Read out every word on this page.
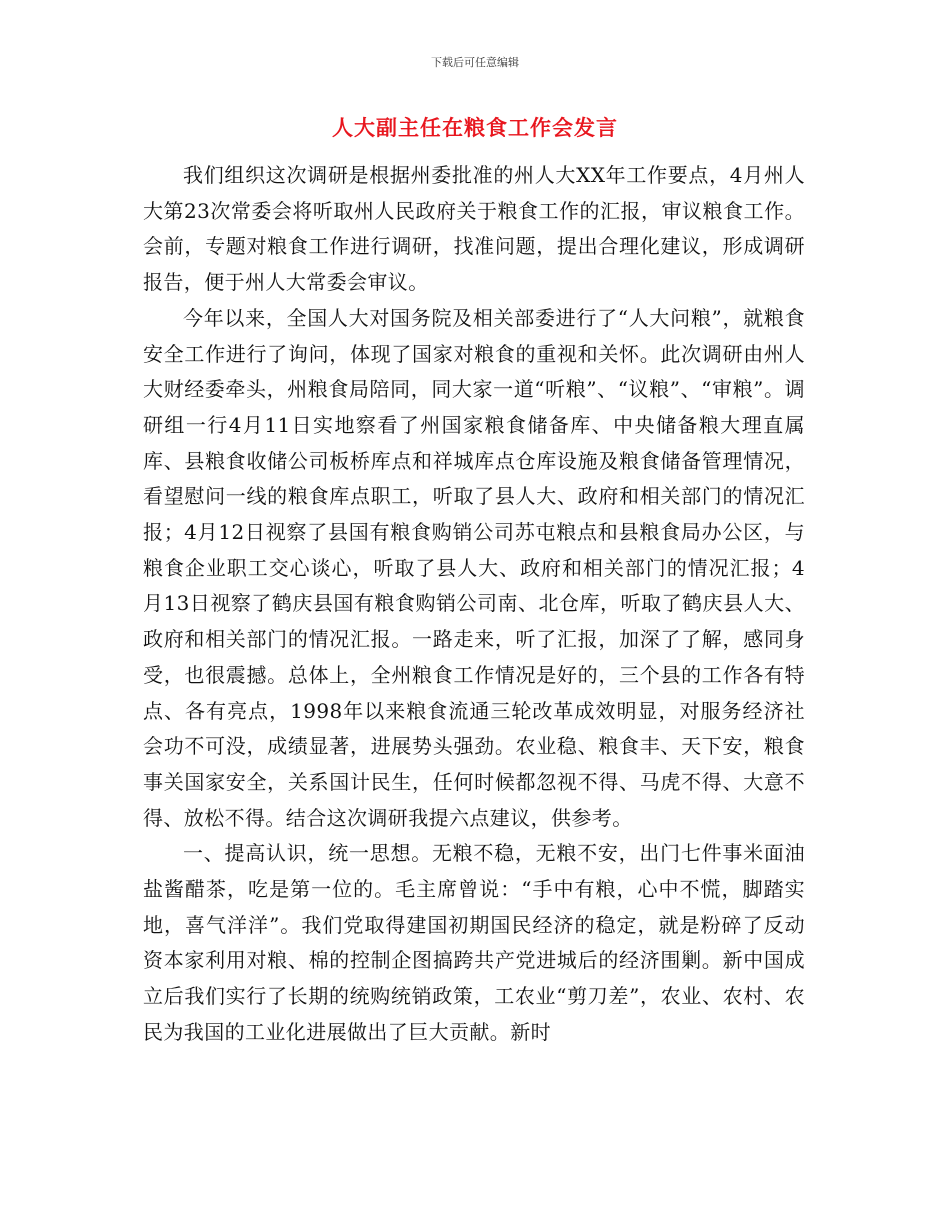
下载后可任意编辑
人大副主任在粮食工作会发言

我们组织这次调研是根据州委批准的州人大XX年工作要点，4月州人大第23次常委会将听取州人民政府关于粮食工作的汇报，审议粮食工作。会前，专题对粮食工作进行调研，找准问题，提出合理化建议，形成调研报告，便于州人大常委会审议。

今年以来，全国人大对国务院及相关部委进行了“人大问粮”，就粮食安全工作进行了询问，体现了国家对粮食的重视和关怀。此次调研由州人大财经委牵头，州粮食局陪同，同大家一道“听粮”、“议粮”、“审粮”。调研组一行4月11日实地察看了州国家粮食储备库、中央储备粮大理直属库、县粮食收储公司板桥库点和祥城库点仓库设施及粮食储备管理情况，看望慰问一线的粮食库点职工，听取了县人大、政府和相关部门的情况汇报；4月12日视察了县国有粮食购销公司苏屯粮点和县粮食局办公区，与粮食企业职工交心谈心，听取了县人大、政府和相关部门的情况汇报；4月13日视察了鹤庆县国有粮食购销公司南、北仓库，听取了鹤庆县人大、政府和相关部门的情况汇报。一路走来，听了汇报，加深了了解，感同身受，也很震撼。总体上，全州粮食工作情况是好的，三个县的工作各有特点、各有亮点，1998年以来粮食流通三轮改革成效明显，对服务经济社会功不可没，成绩显著，进展势头强劲。农业稳、粮食丰、天下安，粮食事关国家安全，关系国计民生，任何时候都忽视不得、马虎不得、大意不得、放松不得。结合这次调研我提六点建议，供参考。

一、提高认识，统一思想。无粮不稳，无粮不安，出门七件事米面油盐酱醋茶，吃是第一位的。毛主席曾说：“手中有粮，心中不慌，脚踏实地，喜气洋洋”。我们党取得建国初期国民经济的稳定，就是粉碎了反动资本家利用对粮、棉的控制企图搞跨共产党进城后的经济围剿。新中国成立后我们实行了长期的统购统销政策，工农业“剪刀差”，农业、农村、农民为我国的工业化进展做出了巨大贡献。新时
